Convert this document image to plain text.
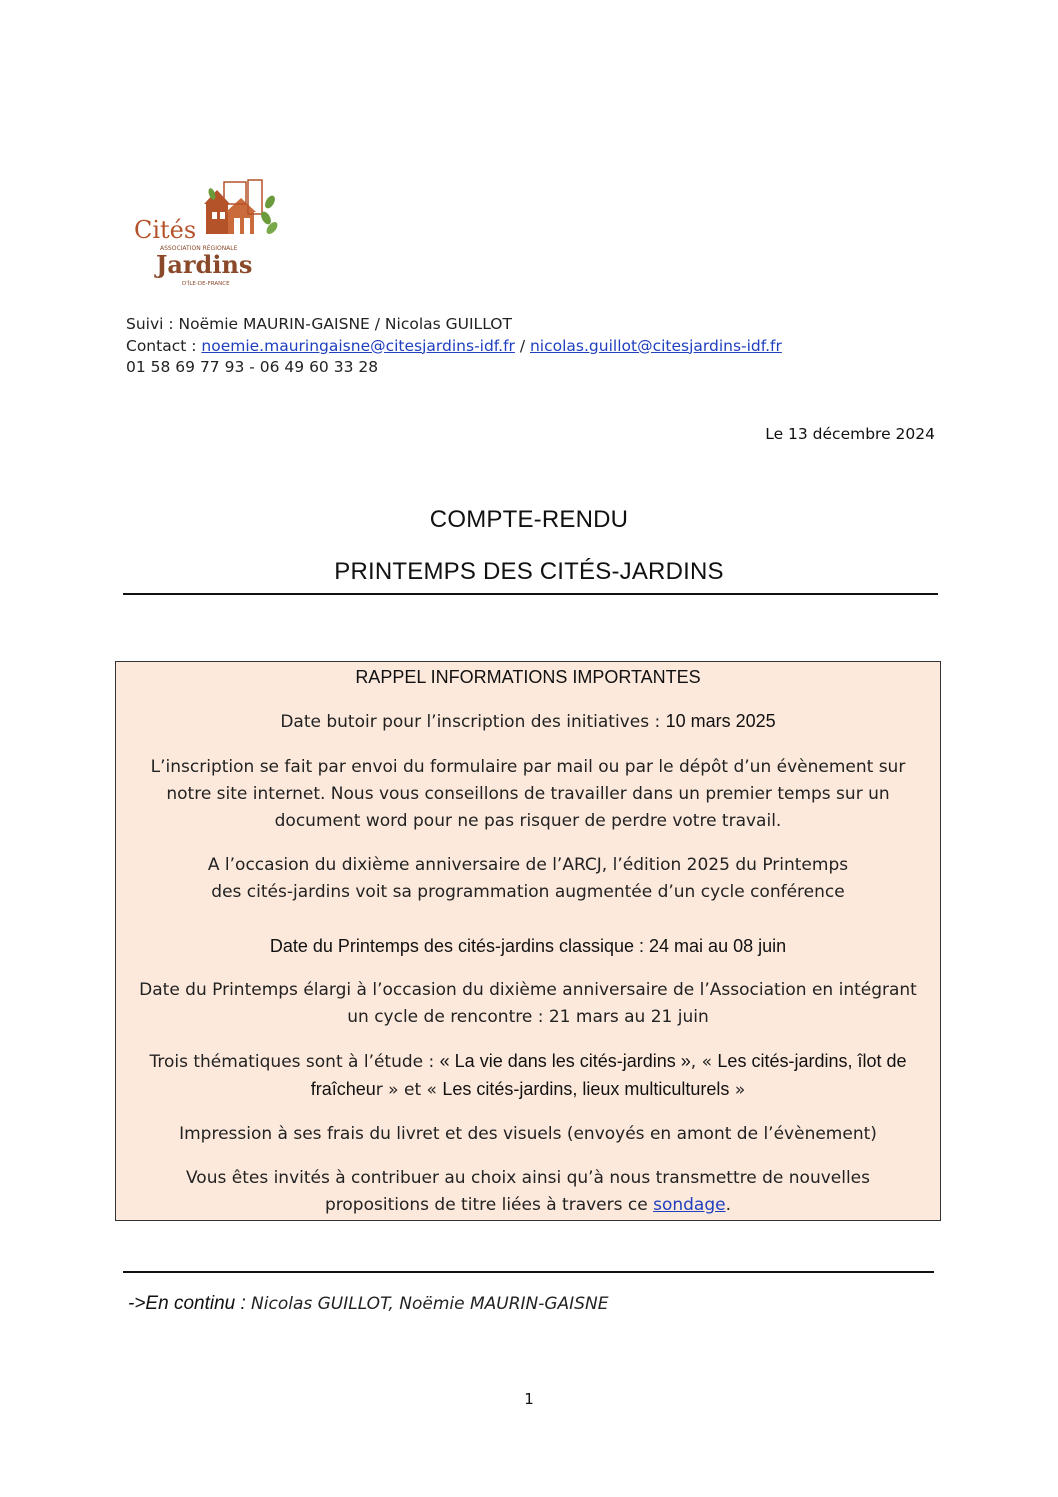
Cités
ASSOCIATION RÉGIONALE
Jardins
D'ÎLE-DE-FRANCE
Suivi : Noëmie MAURIN-GAISNE / Nicolas GUILLOT
Contact : noemie.mauringaisne@citesjardins-idf.fr / nicolas.guillot@citesjardins-idf.fr
01 58 69 77 93 - 06 49 60 33 28
Le 13 décembre 2024
COMPTE-RENDU
PRINTEMPS DES CITÉS-JARDINS

RAPPEL INFORMATIONS IMPORTANTES

Date butoir pour l’inscription des initiatives : 10 mars 2025

L’inscription se fait par envoi du formulaire par mail ou par le dépôt d’un évènement sur notre site internet. Nous vous conseillons de travailler dans un premier temps sur un document word pour ne pas risquer de perdre votre travail.

A l’occasion du dixième anniversaire de l’ARCJ, l’édition 2025 du Printemps
des cités-jardins voit sa programmation augmentée d’un cycle conférence

Date du Printemps des cités-jardins classique : 24 mai au 08 juin

Date du Printemps élargi à l’occasion du dixième anniversaire de l’Association en intégrant un cycle de rencontre : 21 mars au 21 juin

Trois thématiques sont à l’étude : « La vie dans les cités-jardins », « Les cités-jardins, îlot de fraîcheur » et « Les cités-jardins, lieux multiculturels »

Impression à ses frais du livret et des visuels (envoyés en amont de l’évènement)

Vous êtes invités à contribuer au choix ainsi qu’à nous transmettre de nouvelles propositions de titre liées à travers ce sondage.

->En continu : Nicolas GUILLOT, Noëmie MAURIN-GAISNE
1
